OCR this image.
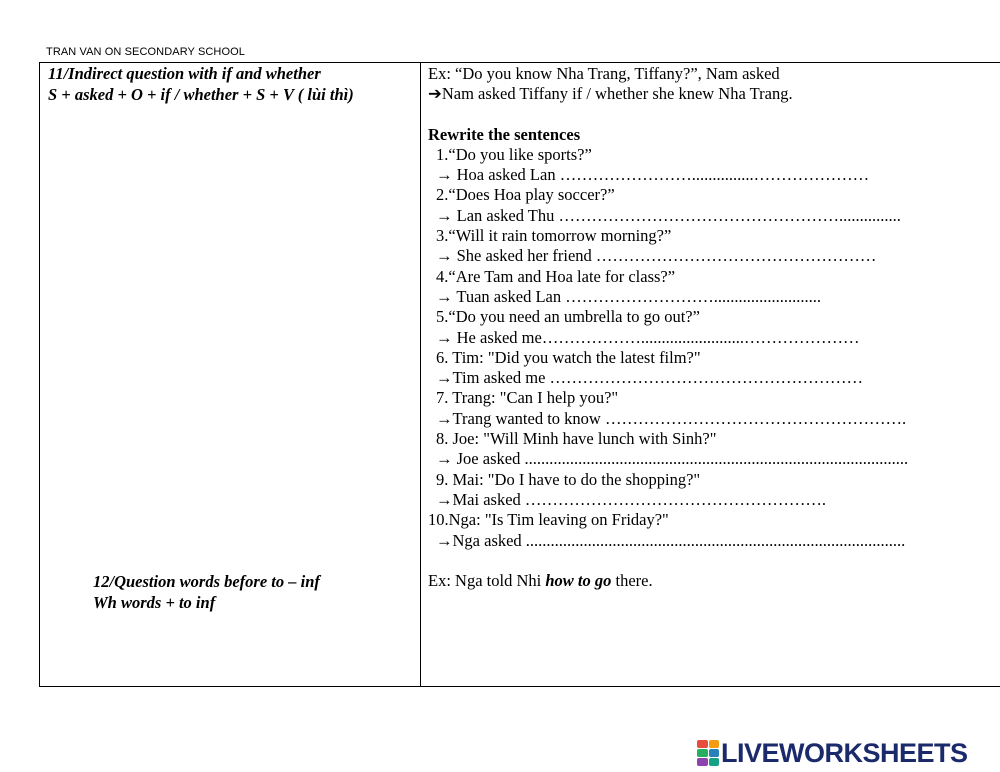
TRAN VAN ON SECONDARY SCHOOL
11/Indirect question with if and whether
S + asked + O + if / whether + S + V ( lùi thì)
12/Question words before to – inf
Wh words + to inf
Ex: “Do you know Nha Trang, Tiffany?”, Nam asked
➔Nam asked Tiffany if / whether she knew Nha Trang.
Rewrite the sentences
1.“Do you like sports?”
→ Hoa asked Lan ……………………...............…………………
2.“Does Hoa play soccer?”
→ Lan asked Thu ……………………………………………...............
3.“Will it rain tomorrow morning?”
→ She asked her friend ……………………………………………
4.“Are Tam and Hoa late for class?”
→ Tuan asked Lan ………………………..........................
5.“Do you need an umbrella to go out?”
→ He asked me……………….........................…………………
6. Tim: "Did you watch the latest film?"
→Tim asked me …………………………………………………
7. Trang: "Can I help you?"
→Trang wanted to know ……………………………………………….
8. Joe: "Will Minh have lunch with Sinh?"
→ Joe asked .............................................................................................
9. Mai: "Do I have to do the shopping?"
→Mai asked ……………………………………………….
10.Nga: "Is Tim leaving on Friday?"
→Nga asked ............................................................................................
Ex: Nga told Nhi how to go there.
LIVEWORKSHEETS
